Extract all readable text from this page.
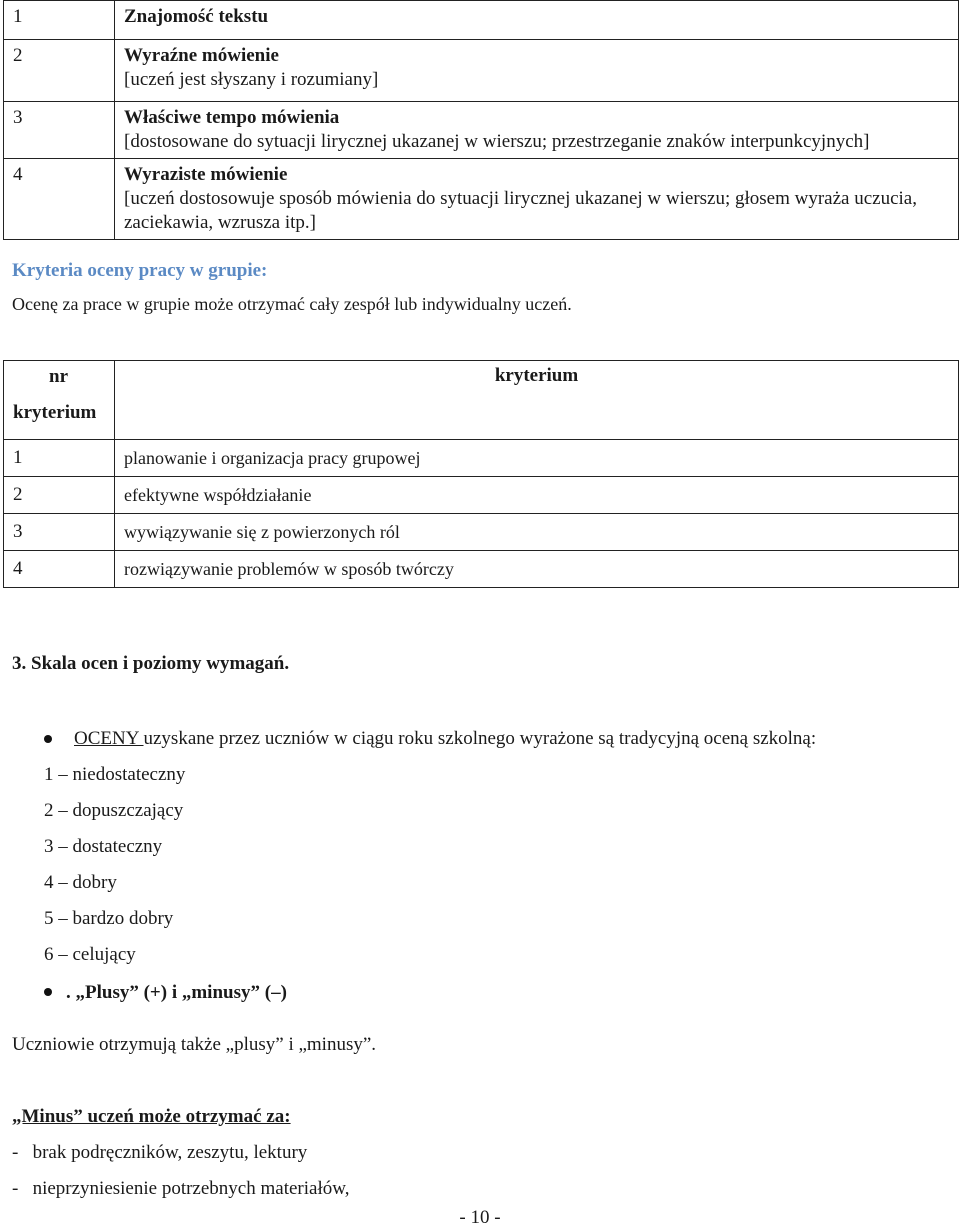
1	Znajomość tekstu
2	Wyraźne mówienie
[uczeń jest słyszany i rozumiany]

3	Właściwe tempo mówienia
[dostosowane do sytuacji lirycznej ukazanej w wierszu; przestrzeganie znaków interpunkcyjnych]

4	Wyraziste mówienie
[uczeń dostosowuje sposób mówienia do sytuacji lirycznej ukazanej w wierszu; głosem wyraża uczucia, zaciekawia, wzrusza itp.]
Kryteria oceny pracy w grupie:
Ocenę za prace w grupie może otrzymać cały zespół lub indywidualny uczeń.
nr
kryterium	kryterium
1	planowanie i organizacja pracy grupowej
2	efektywne współdziałanie
3	wywiązywanie się z powierzonych ról
4	rozwiązywanie problemów w sposób twórczy
3. Skala ocen i poziomy wymagań.
OCENY uzyskane przez uczniów w ciągu roku szkolnego wyrażone są tradycyjną oceną szkolną:
1 – niedostateczny
2 – dopuszczający
3 – dostateczny
4 – dobry
5 – bardzo dobry
6 – celujący
. „Plusy” (+) i „minusy” (–)
Uczniowie otrzymują także „plusy” i „minusy”.
„Minus” uczeń może otrzymać za:
-   brak podręczników, zeszytu, lektury
-   nieprzyniesienie potrzebnych materiałów,
- 10 -
